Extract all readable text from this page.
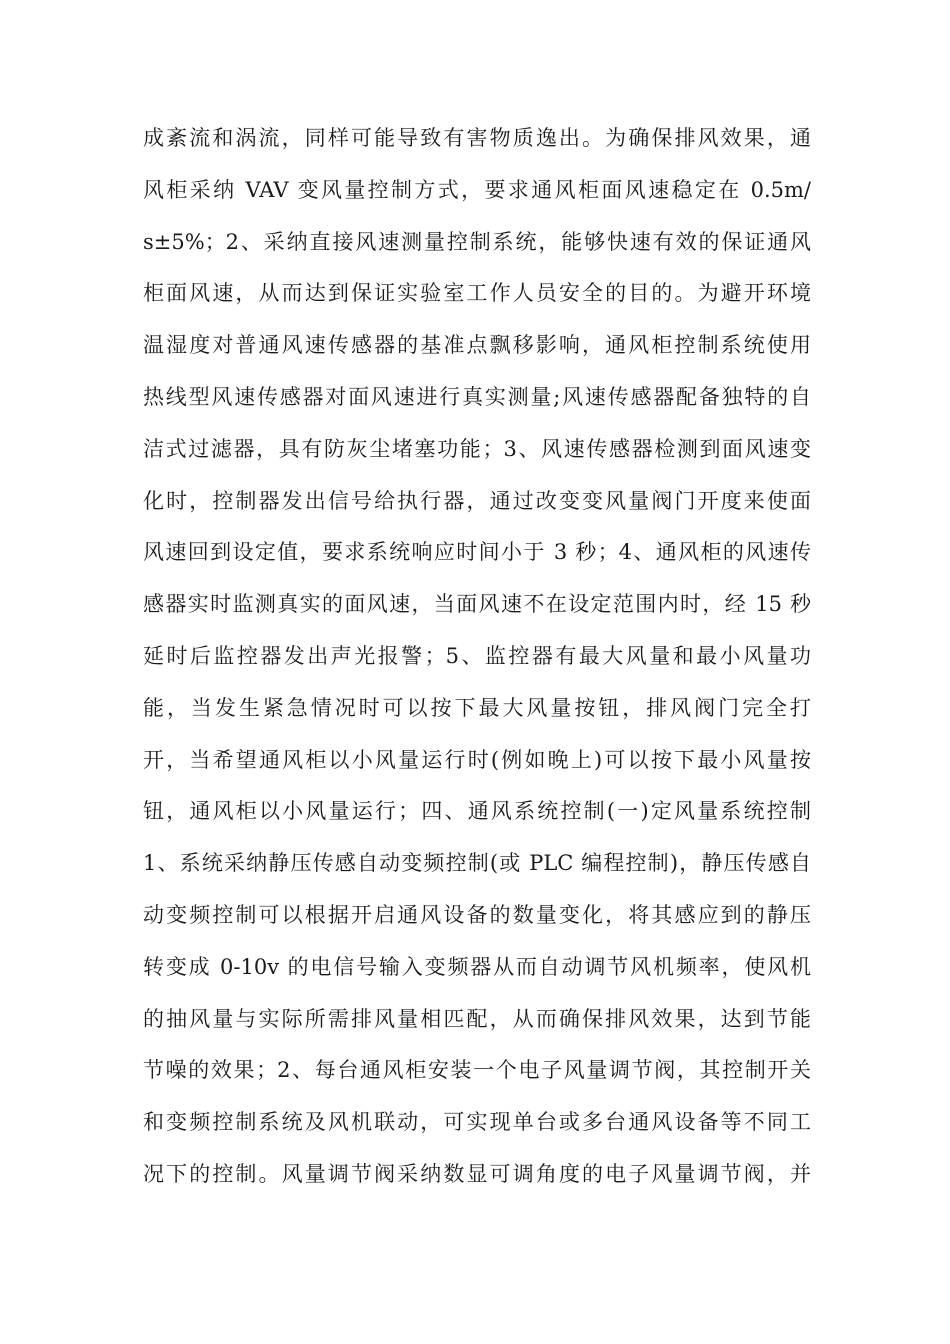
成紊流和涡流，同样可能导致有害物质逸出。为确保排风效果，通
风柜采纳 VAV 变风量控制方式，要求通风柜面风速稳定在 0.5m/
s±5%；2、采纳直接风速测量控制系统，能够快速有效的保证通风
柜面风速，从而达到保证实验室工作人员安全的目的。为避开环境
温湿度对普通风速传感器的基准点飘移影响，通风柜控制系统使用
热线型风速传感器对面风速进行真实测量;风速传感器配备独特的自
洁式过滤器，具有防灰尘堵塞功能；3、风速传感器检测到面风速变
化时，控制器发出信号给执行器，通过改变变风量阀门开度来使面
风速回到设定值，要求系统响应时间小于 3 秒；4、通风柜的风速传
感器实时监测真实的面风速，当面风速不在设定范围内时，经 15 秒
延时后监控器发出声光报警；5、监控器有最大风量和最小风量功
能，当发生紧急情况时可以按下最大风量按钮，排风阀门完全打
开，当希望通风柜以小风量运行时(例如晚上)可以按下最小风量按
钮，通风柜以小风量运行；四、通风系统控制(一)定风量系统控制
1、系统采纳静压传感自动变频控制(或 PLC 编程控制)，静压传感自
动变频控制可以根据开启通风设备的数量变化，将其感应到的静压
转变成 0-10v 的电信号输入变频器从而自动调节风机频率，使风机
的抽风量与实际所需排风量相匹配，从而确保排风效果，达到节能
节噪的效果；2、每台通风柜安装一个电子风量调节阀，其控制开关
和变频控制系统及风机联动，可实现单台或多台通风设备等不同工
况下的控制。风量调节阀采纳数显可调角度的电子风量调节阀，并
